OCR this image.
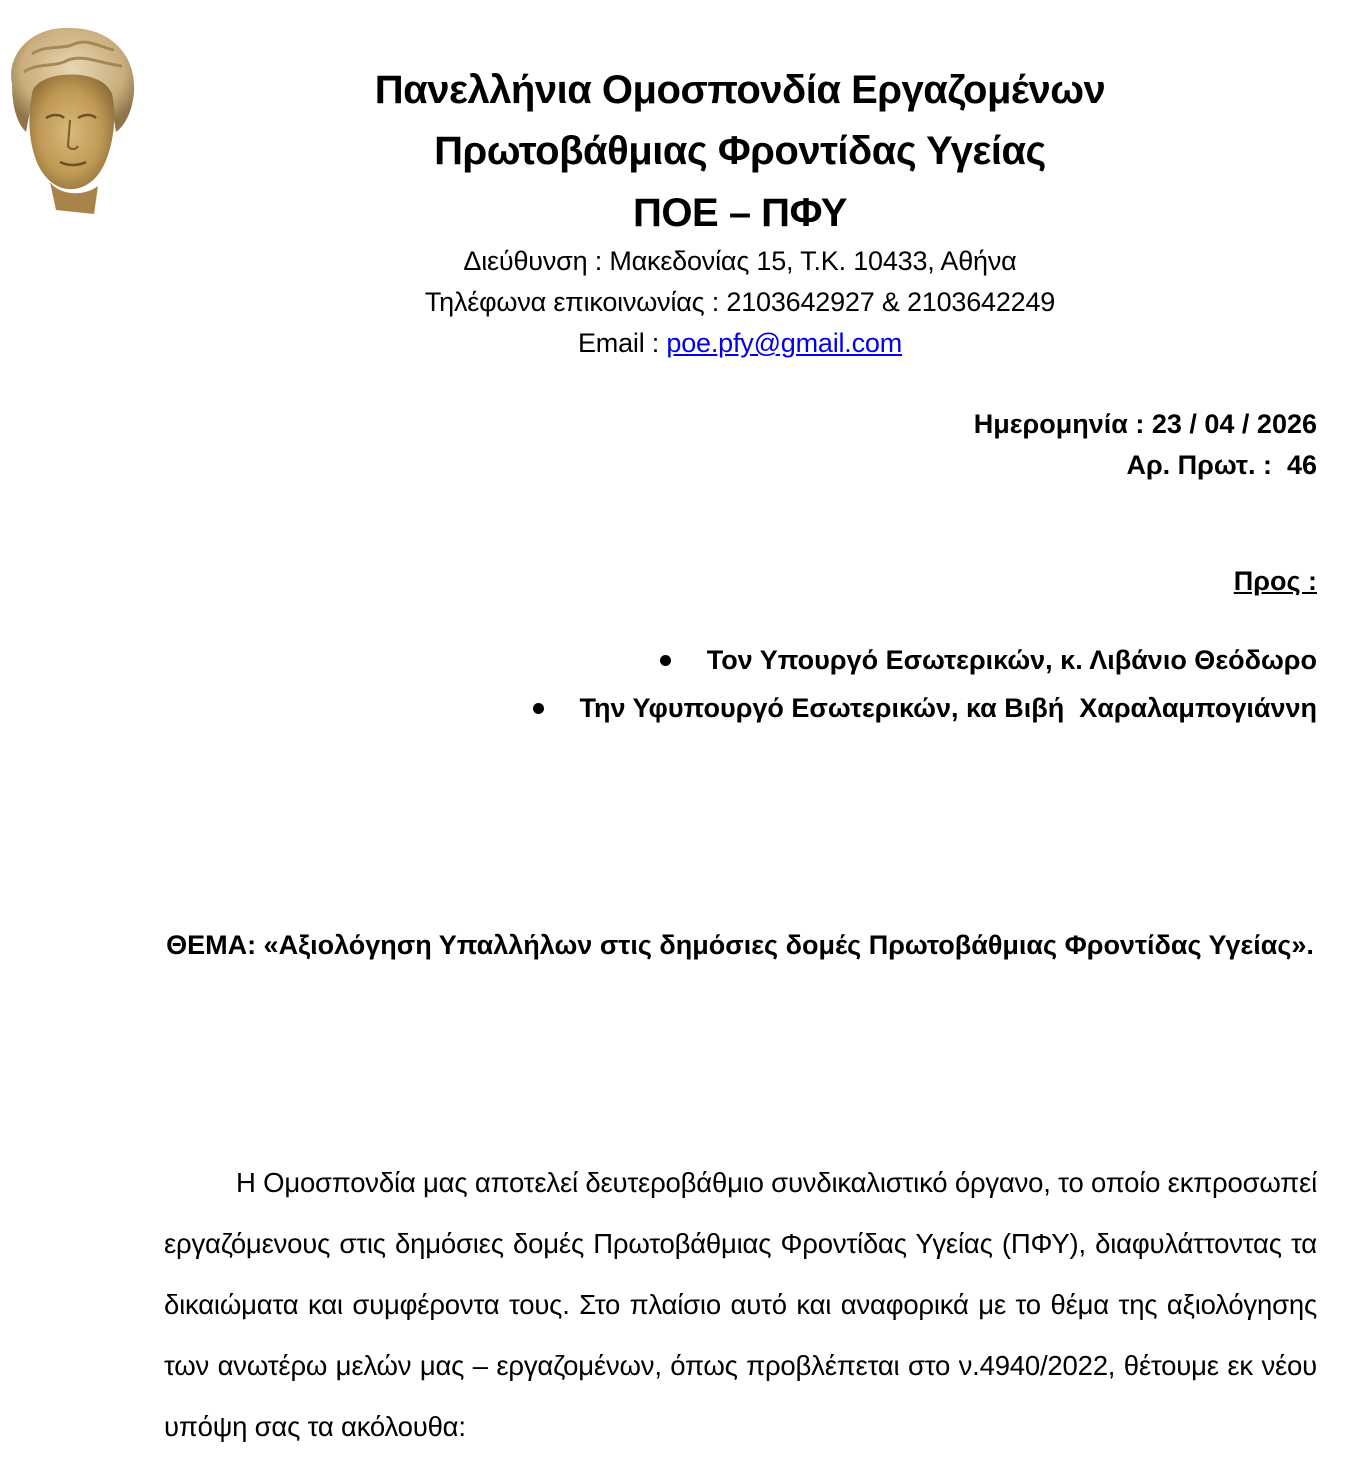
Πανελλήνια Ομοσπονδία Εργαζομένων
Πρωτοβάθμιας Φροντίδας Υγείας
ΠΟΕ – ΠΦΥ
Διεύθυνση : Μακεδονίας 15, Τ.Κ. 10433, Αθήνα
Τηλέφωνα επικοινωνίας : 2103642927 & 2103642249
Email : poe.pfy@gmail.com
Ημερομηνία : 23 / 04 / 2026
Αρ. Πρωτ. :  46
Προς :
Τον Υπουργό Εσωτερικών, κ. Λιβάνιο Θεόδωρο
Την Υφυπουργό Εσωτερικών, κα Βιβή  Χαραλαμπογιάννη
ΘΕΜΑ: «Αξιολόγηση Υπαλλήλων στις δημόσιες δομές Πρωτοβάθμιας Φροντίδας Υγείας».

Η Ομοσπονδία μας αποτελεί δευτεροβάθμιο συνδικαλιστικό όργανο, το οποίο εκπροσωπεί εργαζόμενους στις δημόσιες δομές Πρωτοβάθμιας Φροντίδας Υγείας (ΠΦΥ), διαφυλάττοντας τα δικαιώματα και συμφέροντα τους. Στο πλαίσιο αυτό και αναφορικά με το θέμα της αξιολόγησης των ανωτέρω μελών μας – εργαζομένων, όπως προβλέπεται στο ν.4940/2022, θέτουμε εκ νέου υπόψη σας τα ακόλουθα:
